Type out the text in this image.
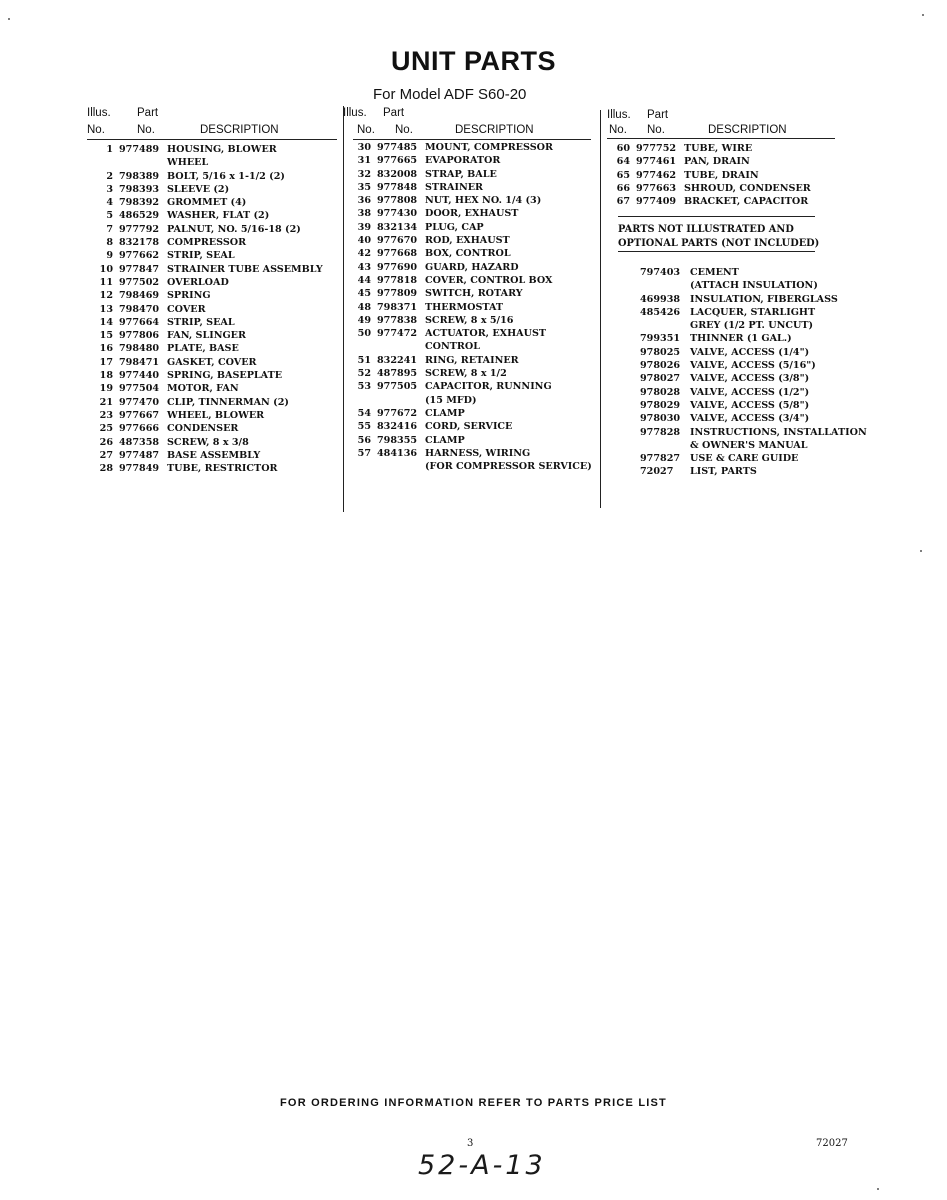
UNIT PARTS
For Model ADF S60-20
Illus. Part
No.	No.	DESCRIPTION
Illus. Part
No. No.	DESCRIPTION
Illus. Part
No. No.	DESCRIPTION
1 977489 HOUSING, BLOWER
WHEEL
2 798389 BOLT, 5/16 x 1-1/2 (2)
3 798393 SLEEVE (2)
4 798392 GROMMET (4)
5 486529 WASHER, FLAT (2)
7 977792 PALNUT, NO. 5/16-18 (2)
8 832178 COMPRESSOR
9 977662 STRIP, SEAL
10 977847 STRAINER TUBE ASSEMBLY
11 977502 OVERLOAD
12 798469 SPRING
13 798470 COVER
14 977664 STRIP, SEAL
15 977806 FAN, SLINGER
16 798480 PLATE, BASE
17 798471 GASKET, COVER
18 977440 SPRING, BASEPLATE
19 977504 MOTOR, FAN
21 977470 CLIP, TINNERMAN (2)
23 977667 WHEEL, BLOWER
25 977666 CONDENSER
26 487358 SCREW, 8 x 3/8
27 977487 BASE ASSEMBLY
28 977849 TUBE, RESTRICTOR
30 977485 MOUNT, COMPRESSOR
31 977665 EVAPORATOR
32 832008 STRAP, BALE
35 977848 STRAINER
36 977808 NUT, HEX NO. 1/4 (3)
38 977430 DOOR, EXHAUST
39 832134 PLUG, CAP
40 977670 ROD, EXHAUST
42 977668 BOX, CONTROL
43 977690 GUARD, HAZARD
44 977818 COVER, CONTROL BOX
45 977809 SWITCH, ROTARY
48 798371 THERMOSTAT
49 977838 SCREW, 8 x 5/16
50 977472 ACTUATOR, EXHAUST
CONTROL
51 832241 RING, RETAINER
52 487895 SCREW, 8 x 1/2
53 977505 CAPACITOR, RUNNING
(15 MFD)
54 977672 CLAMP
55 832416 CORD, SERVICE
56 798355 CLAMP
57 484136 HARNESS, WIRING
(FOR COMPRESSOR SERVICE)
60 977752 TUBE, WIRE
64 977461 PAN, DRAIN
65 977462 TUBE, DRAIN
66 977663 SHROUD, CONDENSER
67 977409 BRACKET, CAPACITOR
PARTS NOT ILLUSTRATED AND
OPTIONAL PARTS (NOT INCLUDED)
797403 CEMENT
(ATTACH INSULATION)
469938 INSULATION, FIBERGLASS
485426 LACQUER, STARLIGHT
GREY (1/2 PT. UNCUT)
799351 THINNER (1 GAL.)
978025 VALVE, ACCESS (1/4")
978026 VALVE, ACCESS (5/16")
978027 VALVE, ACCESS (3/8")
978028 VALVE, ACCESS (1/2")
978029 VALVE, ACCESS (5/8")
978030 VALVE, ACCESS (3/4")
977828 INSTRUCTIONS, INSTALLATION
& OWNER'S MANUAL
977827 USE & CARE GUIDE
72027 LIST, PARTS
FOR ORDERING INFORMATION REFER TO PARTS PRICE LIST
3	72027
52-A-13
